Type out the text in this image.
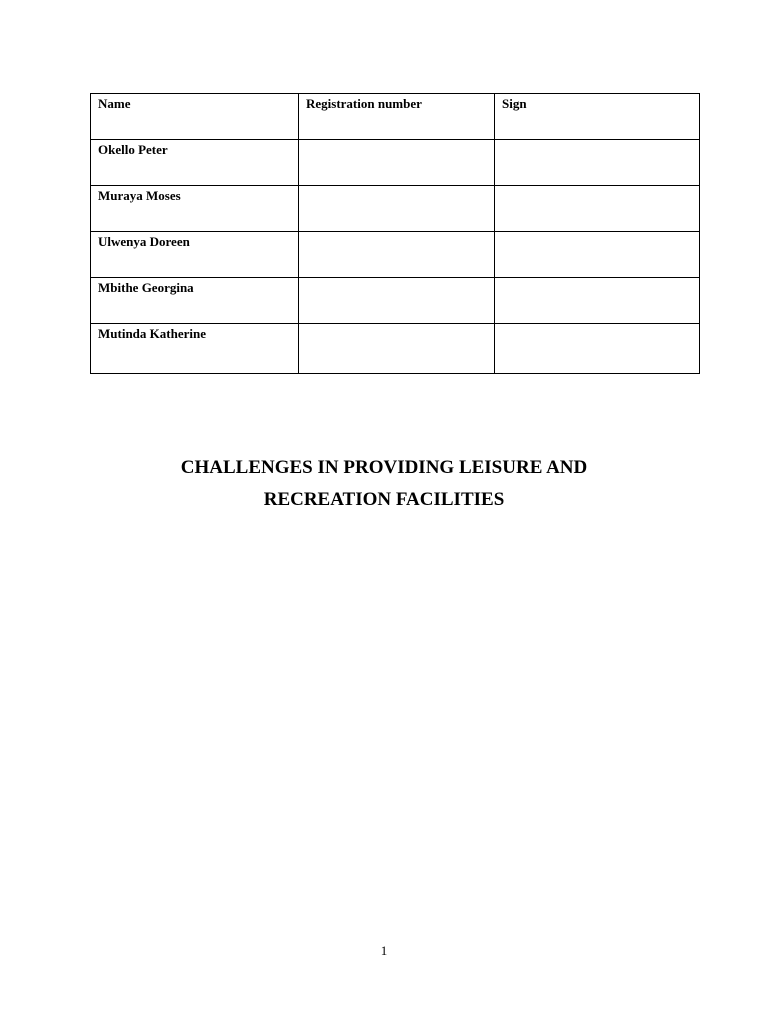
Name	Registration number	Sign
Okello Peter		
Muraya Moses		
Ulwenya Doreen		
Mbithe Georgina		
Mutinda Katherine		
CHALLENGES IN PROVIDING LEISURE AND
RECREATION FACILITIES
1
